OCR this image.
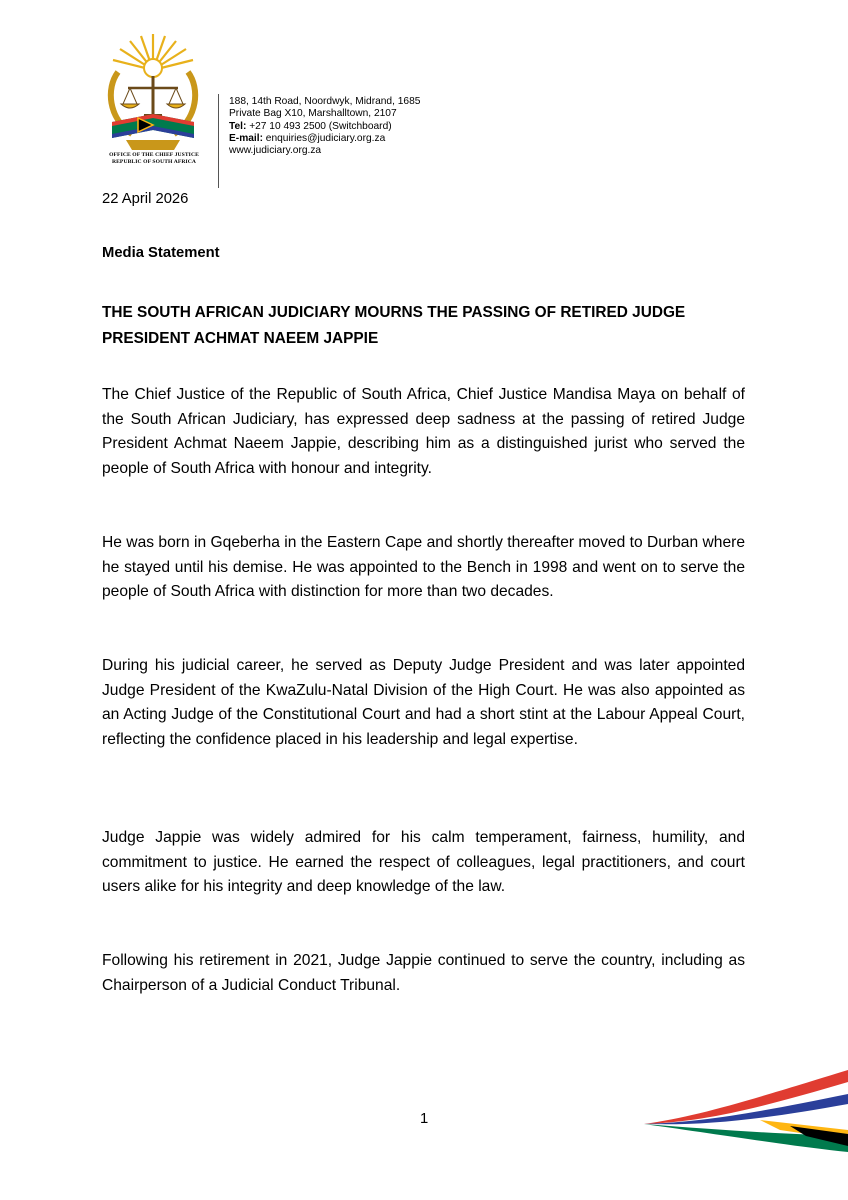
OFFICE OF THE CHIEF JUSTICE
REPUBLIC OF SOUTH AFRICA
188, 14th Road, Noordwyk, Midrand, 1685
Private Bag X10, Marshalltown, 2107
Tel: +27 10 493 2500 (Switchboard)
E-mail: enquiries@judiciary.org.za
www.judiciary.org.za
22 April 2026
Media Statement
THE SOUTH AFRICAN JUDICIARY MOURNS THE PASSING OF RETIRED JUDGE PRESIDENT ACHMAT NAEEM JAPPIE
The Chief Justice of the Republic of South Africa, Chief Justice Mandisa Maya on behalf of the South African Judiciary, has expressed deep sadness at the passing of retired Judge President Achmat Naeem Jappie, describing him as a distinguished jurist who served the people of South Africa with honour and integrity.
He was born in Gqeberha in the Eastern Cape and shortly thereafter moved to Durban where he stayed until his demise. He was appointed to the Bench in 1998 and went on to serve the people of South Africa with distinction for more than two decades.
During his judicial career, he served as Deputy Judge President and was later appointed Judge President of the KwaZulu-Natal Division of the High Court. He was also appointed as an Acting Judge of the Constitutional Court and had a short stint at the Labour Appeal Court, reflecting the confidence placed in his leadership and legal expertise.
Judge Jappie was widely admired for his calm temperament, fairness, humility, and commitment to justice. He earned the respect of colleagues, legal practitioners, and court users alike for his integrity and deep knowledge of the law.
Following his retirement in 2021, Judge Jappie continued to serve the country, including as Chairperson of a Judicial Conduct Tribunal.
1
